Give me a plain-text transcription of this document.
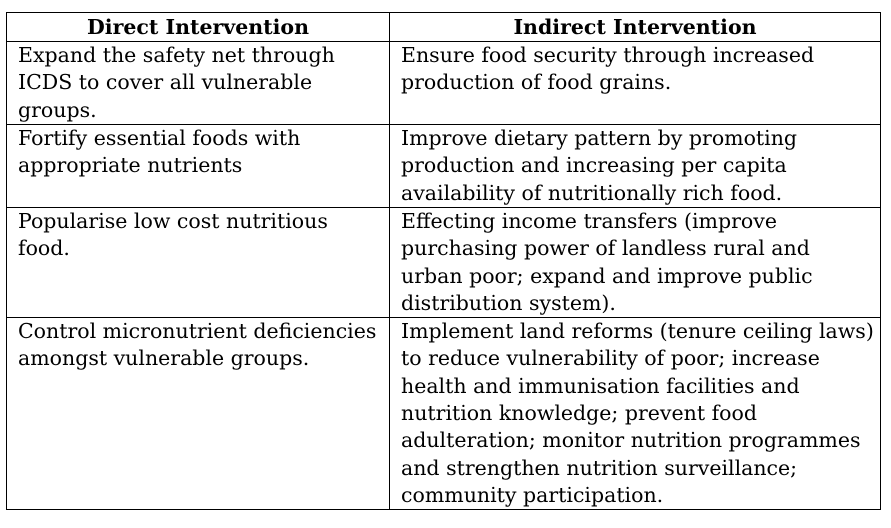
Direct Intervention	Indirect Intervention
Expand the safety net through ICDS to cover all vulnerable groups.	Ensure food security through increased production of food grains.
Fortify essential foods with appropriate nutrients	Improve dietary pattern by promoting production and increasing per capita availability of nutritionally rich food.
Popularise low cost nutritious food.	Effecting income transfers (improve purchasing power of landless rural and urban poor; expand and improve public distribution system).
Control micronutrient deficiencies amongst vulnerable groups.	Implement land reforms (tenure ceiling laws) to reduce vulnerability of poor; increase health and immunisation facilities and nutrition knowledge; prevent food adulteration; monitor nutrition programmes and strengthen nutrition surveillance; community participation.
